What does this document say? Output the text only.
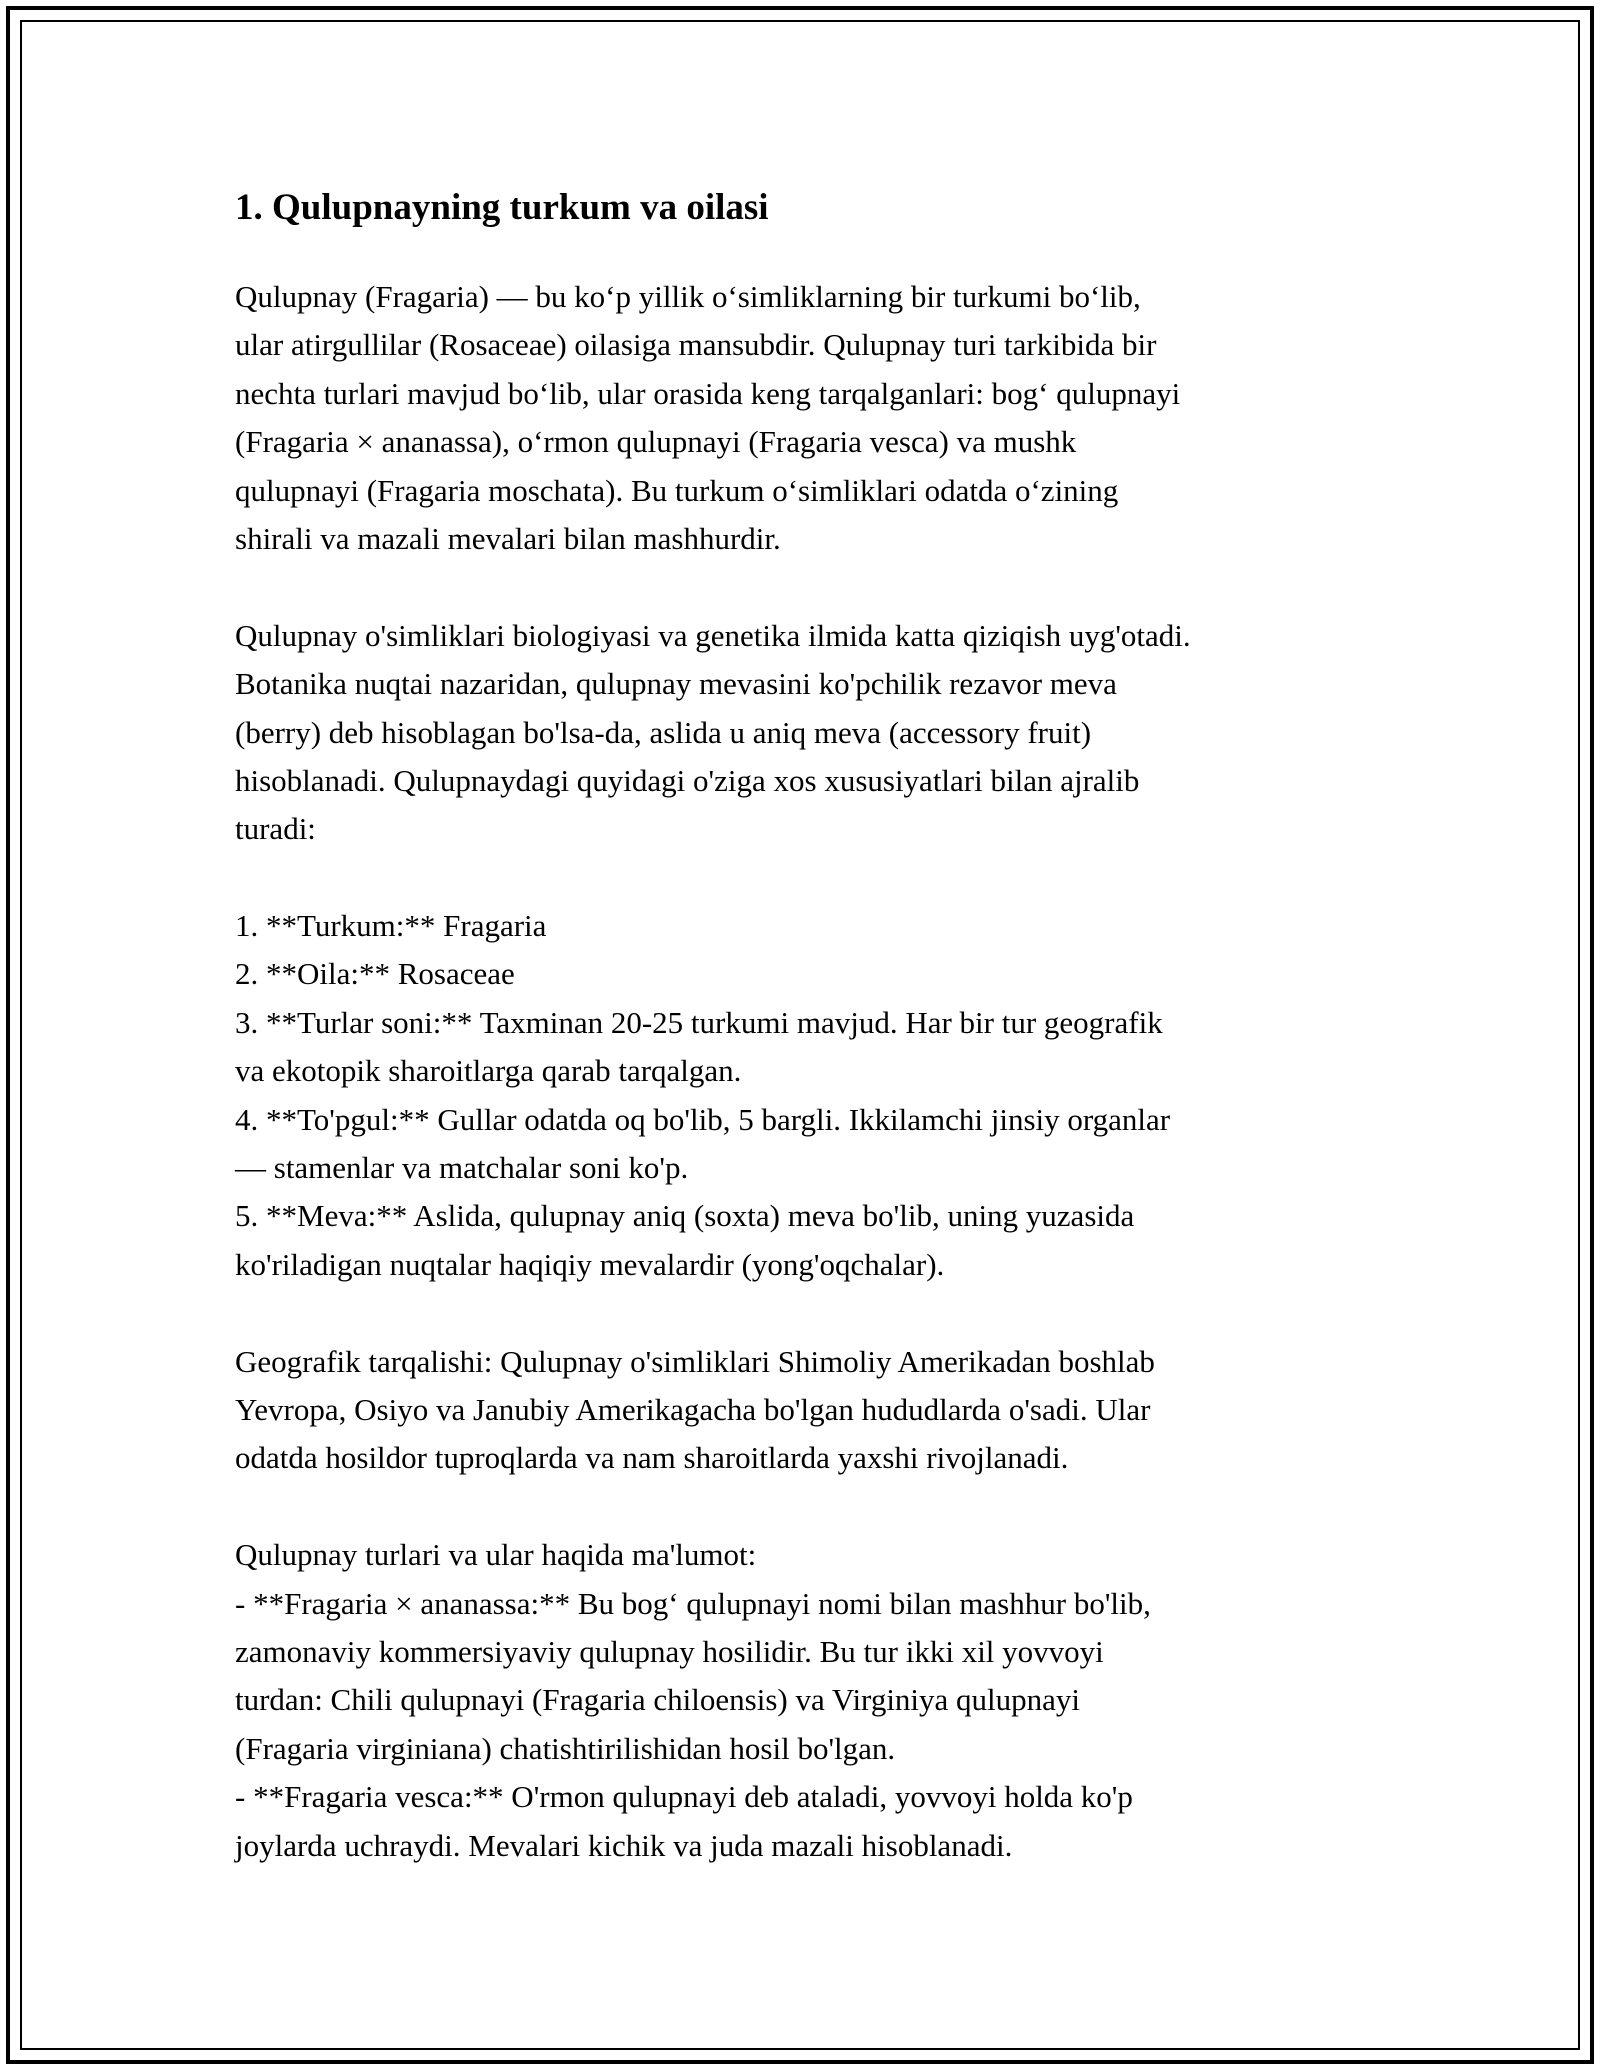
1. Qulupnayning turkum va oilasi
Qulupnay (Fragaria) — bu ko‘p yillik o‘simliklarning bir turkumi bo‘lib,
ular atirgullilar (Rosaceae) oilasiga mansubdir. Qulupnay turi tarkibida bir
nechta turlari mavjud bo‘lib, ular orasida keng tarqalganlari: bog‘ qulupnayi
(Fragaria × ananassa), o‘rmon qulupnayi (Fragaria vesca) va mushk
qulupnayi (Fragaria moschata). Bu turkum o‘simliklari odatda o‘zining
shirali va mazali mevalari bilan mashhurdir.
Qulupnay o'simliklari biologiyasi va genetika ilmida katta qiziqish uyg'otadi.
Botanika nuqtai nazaridan, qulupnay mevasini ko'pchilik rezavor meva
(berry) deb hisoblagan bo'lsa-da, aslida u aniq meva (accessory fruit)
hisoblanadi. Qulupnaydagi quyidagi o'ziga xos xususiyatlari bilan ajralib
turadi:
1. **Turkum:** Fragaria
2. **Oila:** Rosaceae
3. **Turlar soni:** Taxminan 20-25 turkumi mavjud. Har bir tur geografik
va ekotopik sharoitlarga qarab tarqalgan.
4. **To'pgul:** Gullar odatda oq bo'lib, 5 bargli. Ikkilamchi jinsiy organlar
— stamenlar va matchalar soni ko'p.
5. **Meva:** Aslida, qulupnay aniq (soxta) meva bo'lib, uning yuzasida
ko'riladigan nuqtalar haqiqiy mevalardir (yong'oqchalar).
Geografik tarqalishi: Qulupnay o'simliklari Shimoliy Amerikadan boshlab
Yevropa, Osiyo va Janubiy Amerikagacha bo'lgan hududlarda o'sadi. Ular
odatda hosildor tuproqlarda va nam sharoitlarda yaxshi rivojlanadi.
Qulupnay turlari va ular haqida ma'lumot:
- **Fragaria × ananassa:** Bu bog‘ qulupnayi nomi bilan mashhur bo'lib,
zamonaviy kommersiyaviy qulupnay hosilidir. Bu tur ikki xil yovvoyi
turdan: Chili qulupnayi (Fragaria chiloensis) va Virginiya qulupnayi
(Fragaria virginiana) chatishtirilishidan hosil bo'lgan.
- **Fragaria vesca:** O'rmon qulupnayi deb ataladi, yovvoyi holda ko'p
joylarda uchraydi. Mevalari kichik va juda mazali hisoblanadi.
